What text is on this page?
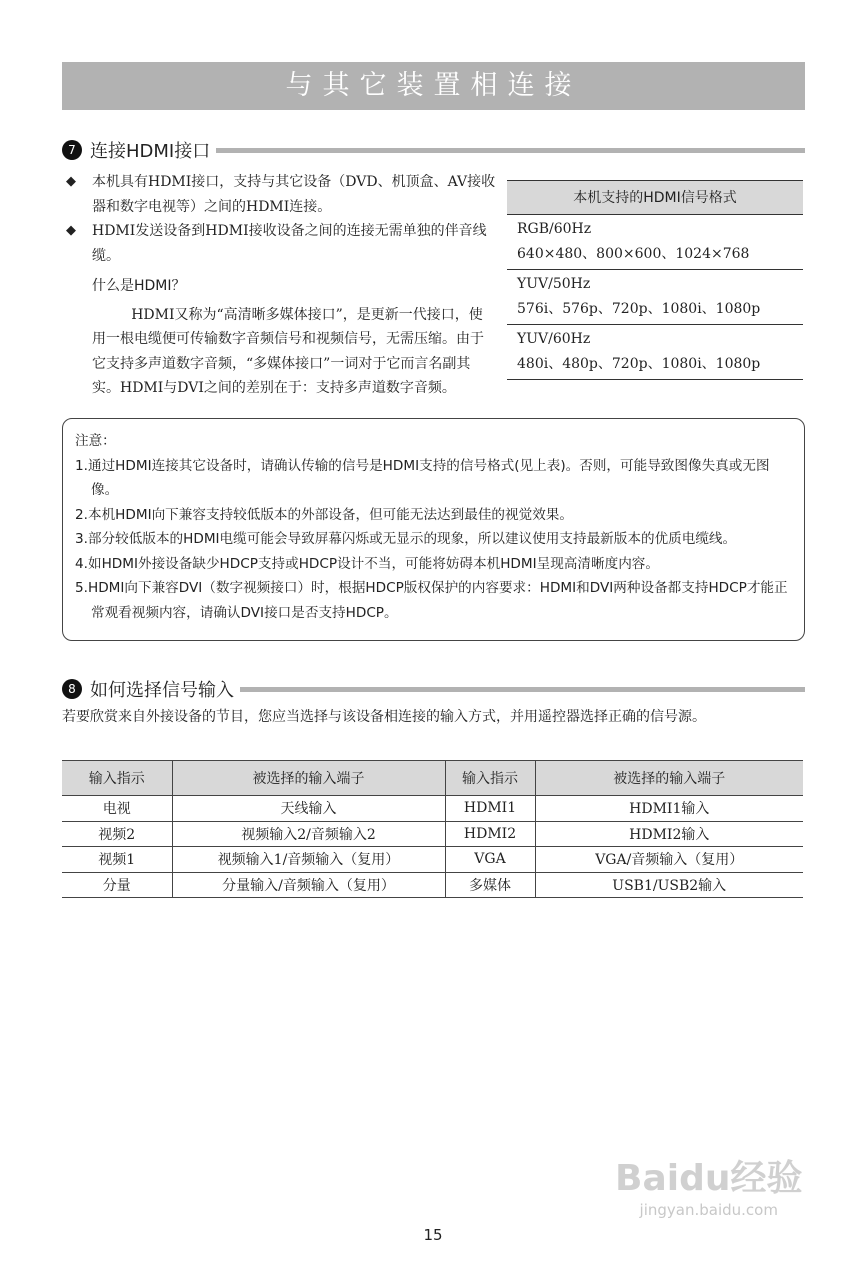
与其它装置相连接
7 连接HDMI接口
◆	本机具有HDMI接口，支持与其它设备（DVD、机顶盒、AV接收器和数字电视等）之间的HDMI连接。
◆	HDMI发送设备到HDMI接收设备之间的连接无需单独的伴音线缆。
什么是HDMI？
HDMI又称为“高清晰多媒体接口”，是更新一代接口，使用一根电缆便可传输数字音频信号和视频信号，无需压缩。由于它支持多声道数字音频，“多媒体接口”一词对于它而言名副其实。HDMI与DVI之间的差别在于：支持多声道数字音频。
本机支持的HDMI信号格式
RGB/60Hz
640×480、800×600、1024×768
YUV/50Hz
576i、576p、720p、1080i、1080p
YUV/60Hz
480i、480p、720p、1080i、1080p
注意：
1.通过HDMI连接其它设备时，请确认传输的信号是HDMI支持的信号格式(见上表)。否则，可能导致图像失真或无图像。
2.本机HDMI向下兼容支持较低版本的外部设备，但可能无法达到最佳的视觉效果。
3.部分较低版本的HDMI电缆可能会导致屏幕闪烁或无显示的现象，所以建议使用支持最新版本的优质电缆线。
4.如HDMI外接设备缺少HDCP支持或HDCP设计不当，可能将妨碍本机HDMI呈现高清晰度内容。
5.HDMI向下兼容DVI（数字视频接口）时，根据HDCP版权保护的内容要求：HDMI和DVI两种设备都支持HDCP才能正常观看视频内容，请确认DVI接口是否支持HDCP。
8 如何选择信号输入
若要欣赏来自外接设备的节目，您应当选择与该设备相连接的输入方式，并用遥控器选择正确的信号源。
输入指示	被选择的输入端子	输入指示	被选择的输入端子
电视	天线输入	HDMI1	HDMI1输入
视频2	视频输入2/音频输入2	HDMI2	HDMI2输入
视频1	视频输入1/音频输入（复用）	VGA	VGA/音频输入（复用）
分量	分量输入/音频输入（复用）	多媒体	USB1/USB2输入
15
Baidu经验
jingyan.baidu.com
